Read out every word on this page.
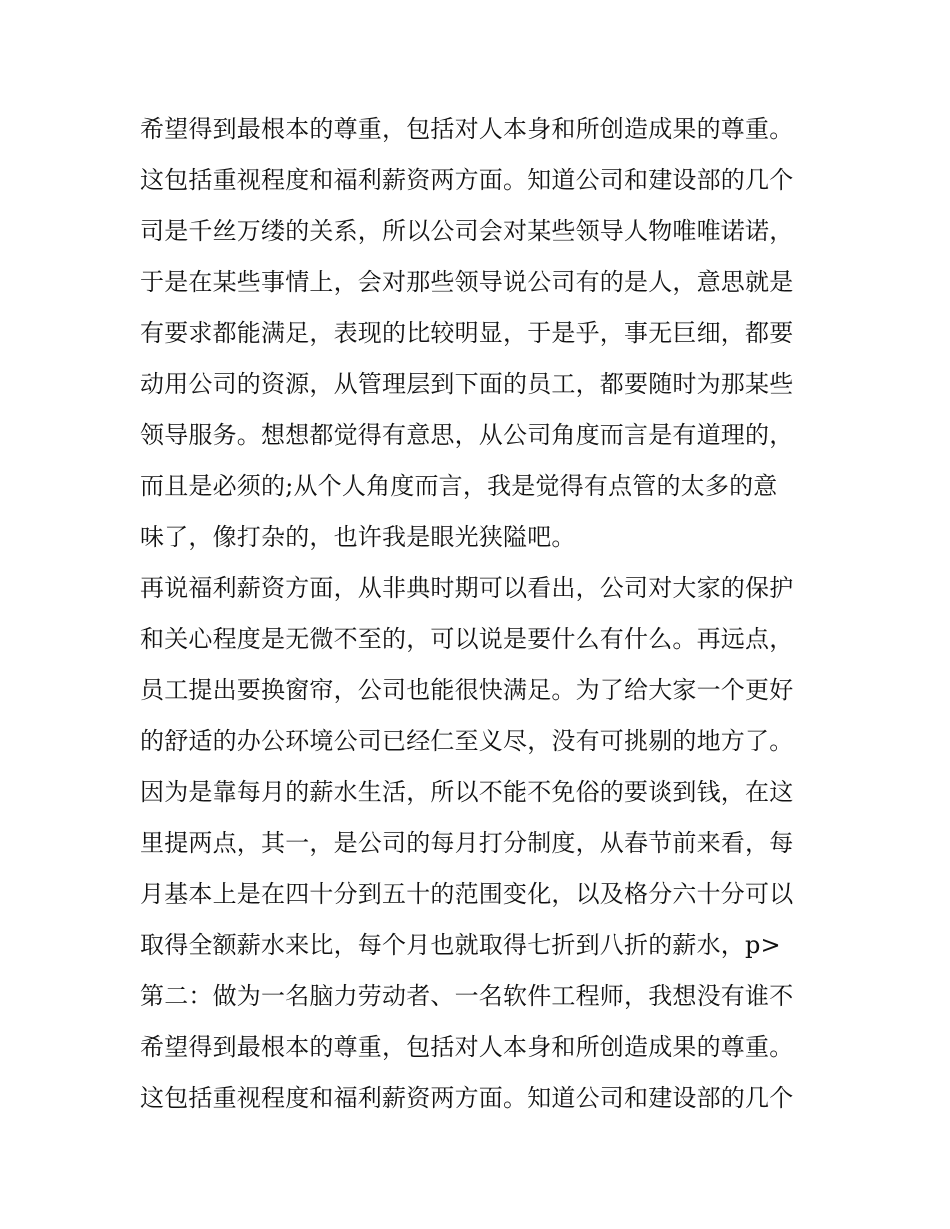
希望得到最根本的尊重，包括对人本身和所创造成果的尊重。
这包括重视程度和福利薪资两方面。知道公司和建设部的几个
司是千丝万缕的关系，所以公司会对某些领导人物唯唯诺诺，
于是在某些事情上，会对那些领导说公司有的是人，意思就是
有要求都能满足，表现的比较明显，于是乎，事无巨细，都要
动用公司的资源，从管理层到下面的员工，都要随时为那某些
领导服务。想想都觉得有意思，从公司角度而言是有道理的，
而且是必须的;从个人角度而言，我是觉得有点管的太多的意
味了，像打杂的，也许我是眼光狭隘吧。
再说福利薪资方面，从非典时期可以看出，公司对大家的保护
和关心程度是无微不至的，可以说是要什么有什么。再远点，
员工提出要换窗帘，公司也能很快满足。为了给大家一个更好
的舒适的办公环境公司已经仁至义尽，没有可挑剔的地方了。
因为是靠每月的薪水生活，所以不能不免俗的要谈到钱，在这
里提两点，其一，是公司的每月打分制度，从春节前来看，每
月基本上是在四十分到五十的范围变化，以及格分六十分可以
取得全额薪水来比，每个月也就取得七折到八折的薪水，p>
第二：做为一名脑力劳动者、一名软件工程师，我想没有谁不
希望得到最根本的尊重，包括对人本身和所创造成果的尊重。
这包括重视程度和福利薪资两方面。知道公司和建设部的几个
